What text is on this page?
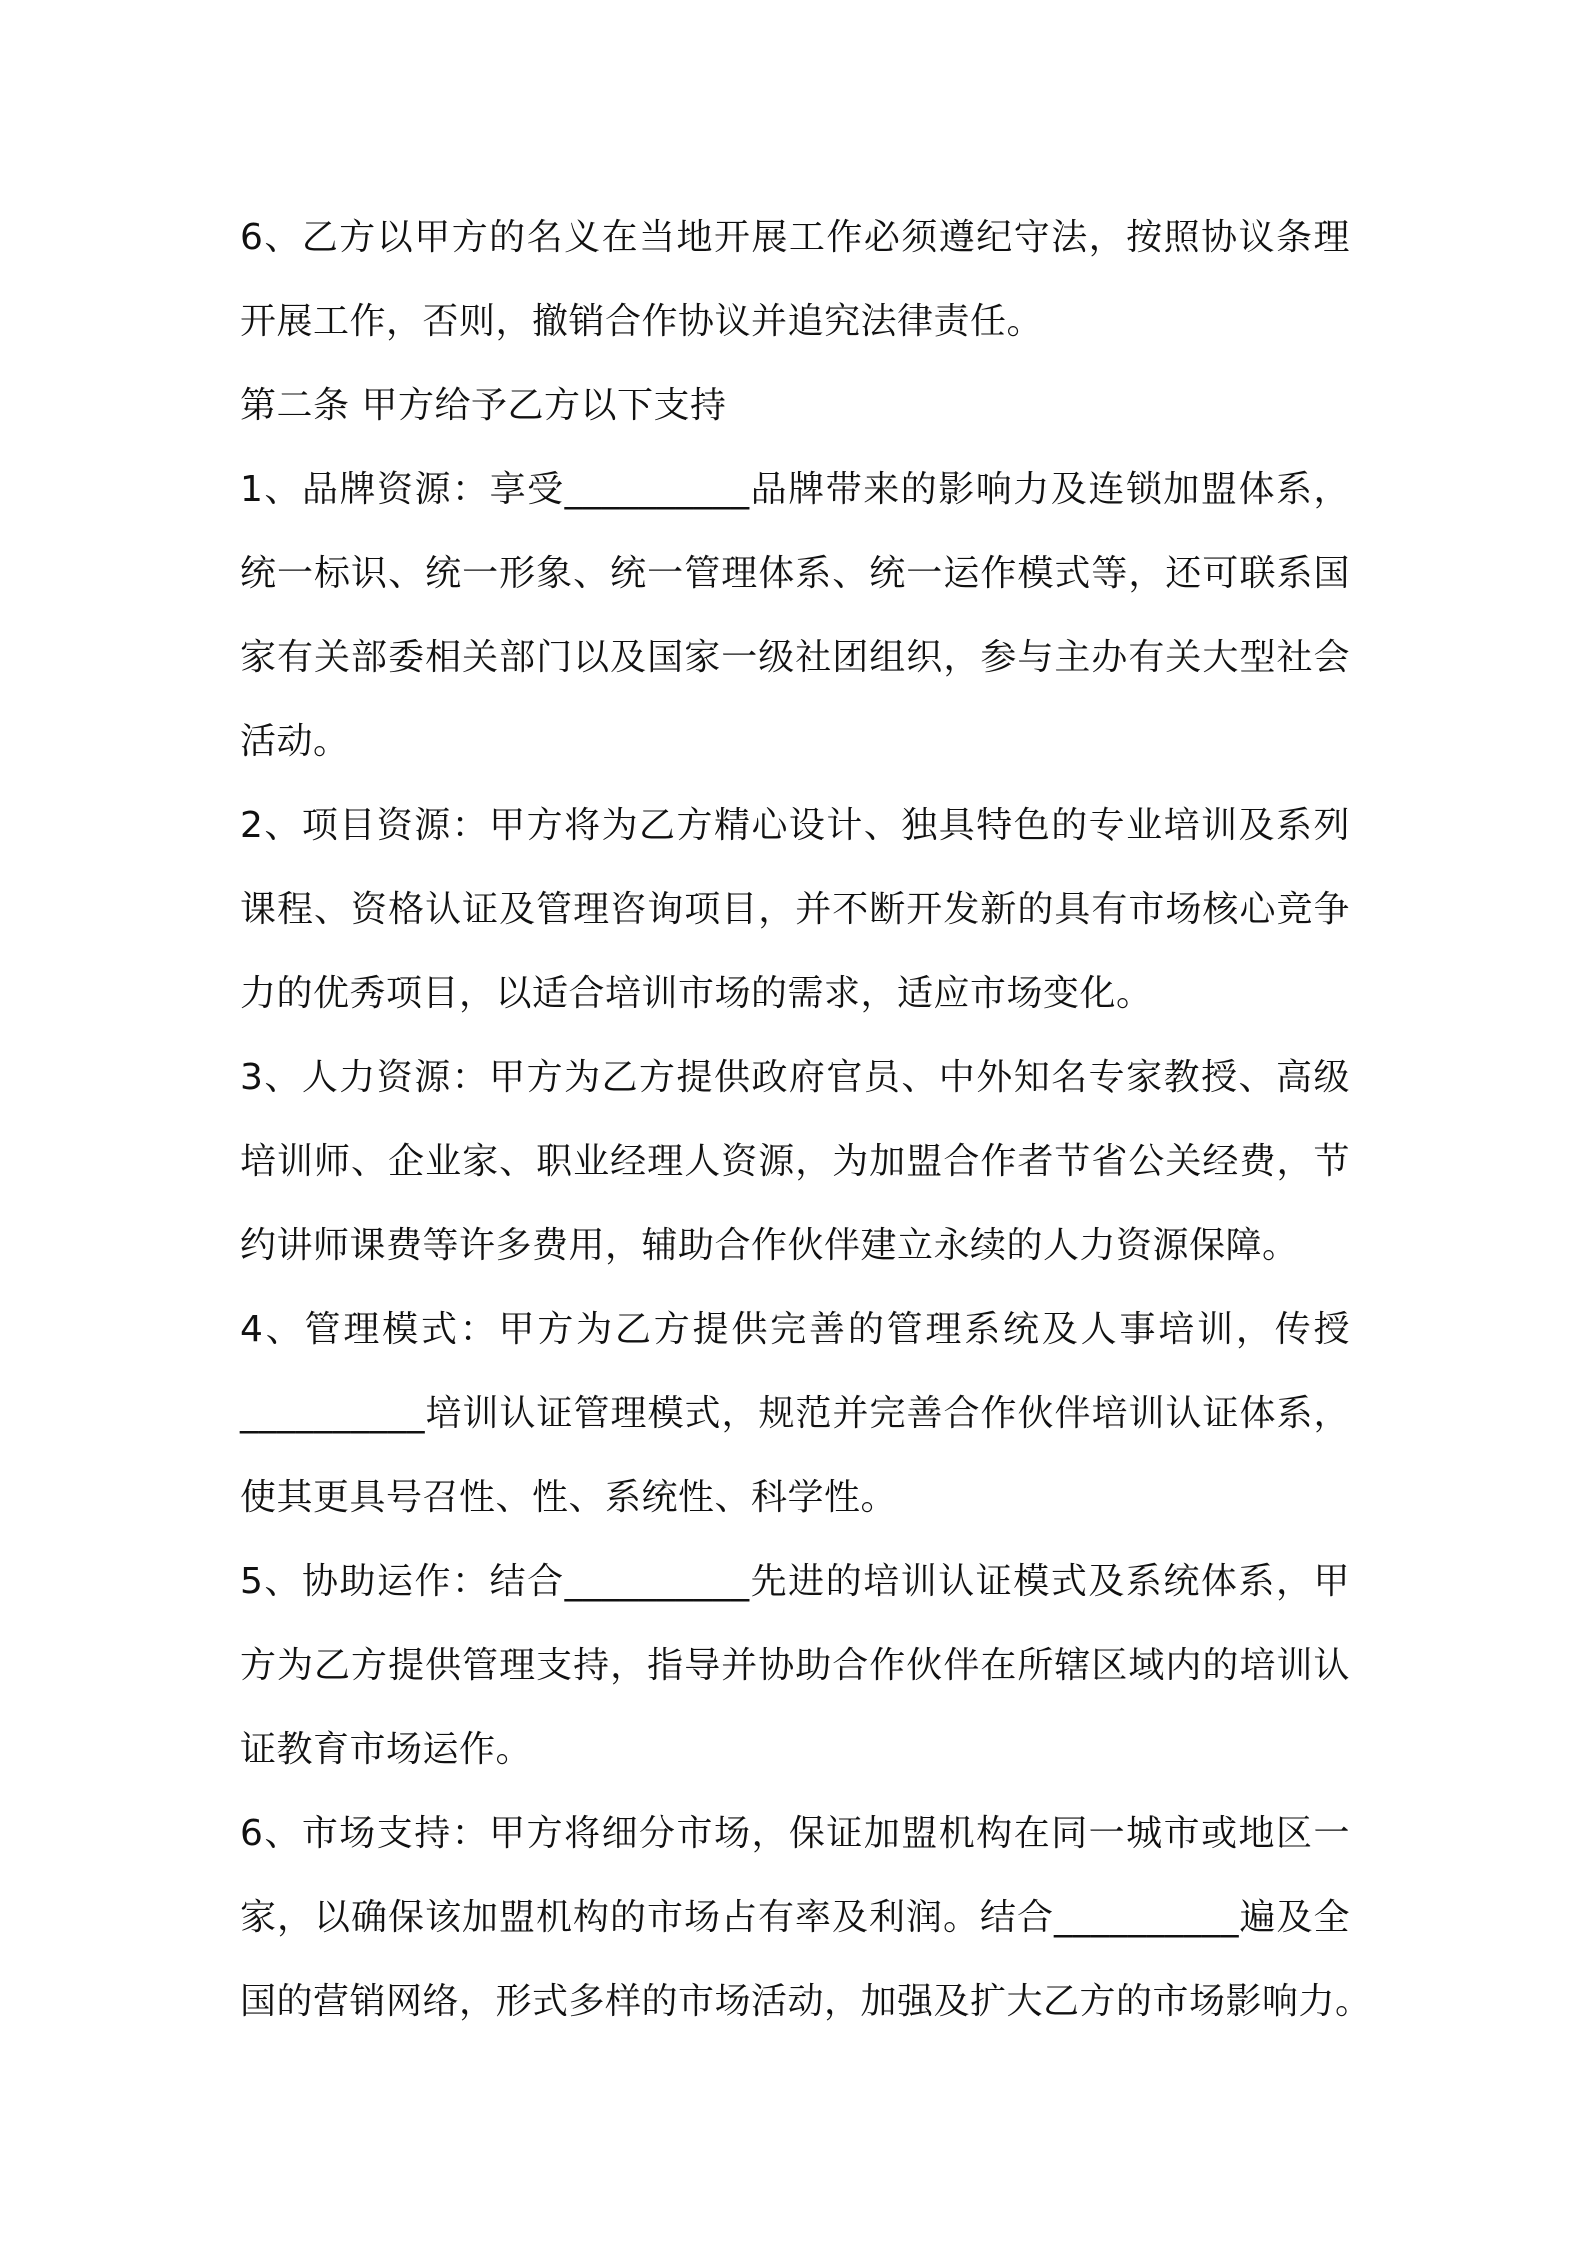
6、乙方以甲方的名义在当地开展工作必须遵纪守法，按照协议条理
开展工作，否则，撤销合作协议并追究法律责任。
第二条 甲方给予乙方以下支持
1、品牌资源：享受__________品牌带来的影响力及连锁加盟体系，
统一标识、统一形象、统一管理体系、统一运作模式等，还可联系国
家有关部委相关部门以及国家一级社团组织，参与主办有关大型社会
活动。
2、项目资源：甲方将为乙方精心设计、独具特色的专业培训及系列
课程、资格认证及管理咨询项目，并不断开发新的具有市场核心竞争
力的优秀项目，以适合培训市场的需求，适应市场变化。
3、人力资源：甲方为乙方提供政府官员、中外知名专家教授、高级
培训师、企业家、职业经理人资源，为加盟合作者节省公关经费，节
约讲师课费等许多费用，辅助合作伙伴建立永续的人力资源保障。
4、管理模式：甲方为乙方提供完善的管理系统及人事培训，传授
__________培训认证管理模式，规范并完善合作伙伴培训认证体系，
使其更具号召性、性、系统性、科学性。
5、协助运作：结合__________先进的培训认证模式及系统体系，甲
方为乙方提供管理支持，指导并协助合作伙伴在所辖区域内的培训认
证教育市场运作。
6、市场支持：甲方将细分市场，保证加盟机构在同一城市或地区一
家，以确保该加盟机构的市场占有率及利润。结合__________遍及全
国的营销网络，形式多样的市场活动，加强及扩大乙方的市场影响力。
